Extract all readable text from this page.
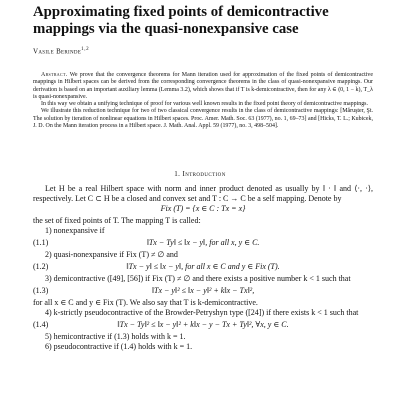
Approximating fixed points of demicontractive mappings via the quasi-nonexpansive case
Vasile Berinde$^{1,2}$

Abstract. We prove that the convergence theorems for Mann iteration used for approximation of the fixed points of demicontractive mappings in Hilbert spaces can be derived from the corresponding convergence theorems in the class of quasi-nonexpansive mappings. Our derivation is based on an important auxiliary lemma (Lemma 3.2), which shows that if T is k-demicontractive, then for any λ ∈ (0, 1 − k), T_λ is quasi-nonexpansive.

In this way we obtain a unifying technique of proof for various well known results in the fixed point theory of demicontractive mappings.

We illustrate this reduction technique for two of two classical convergence results in the class of demicontractive mappings: [Măruşter, Şt. The solution by iteration of nonlinear equations in Hilbert spaces. Proc. Amer. Math. Soc. 63 (1977), no. 1, 69–73] and [Hicks, T. L.; Kubicek, J. D. On the Mann iteration process in a Hilbert space. J. Math. Anal. Appl. 59 (1977), no. 3, 498–504].

1. Introduction

Let H be a real Hilbert space with norm and inner product denoted as usually by ‖ · ‖ and ⟨·, ·⟩, respectively. Let C ⊂ H be a closed and convex set and T : C → C be a self mapping. Denote by

Fix (T) = {x ∈ C : Tx = x}

the set of fixed points of T. The mapping T is called:

1) nonexpansive if

(1.1)	‖Tx − Ty‖ ≤ ‖x − y‖, for all x, y ∈ C.

2) quasi-nonexpansive if Fix (T) ≠ ∅ and

(1.2)	‖Tx − y‖ ≤ ‖x − y‖, for all x ∈ C and y ∈ Fix (T).

3) demicontractive ([49], [56]) if Fix (T) ≠ ∅ and there exists a positive number k < 1 such that

(1.3)	‖Tx − y‖² ≤ ‖x − y‖² + k‖x − Tx‖²,

for all x ∈ C and y ∈ Fix (T). We also say that T is k-demicontractive.

4) k-strictly pseudocontractive of the Browder-Petryshyn type ([24]) if there exists k < 1 such that

(1.4)	‖Tx − Ty‖² ≤ ‖x − y‖² + k‖x − y − Tx + Ty‖², ∀x, y ∈ C.

5) hemicontractive if (1.3) holds with k = 1.

6) pseudocontractive if (1.4) holds with k = 1.
